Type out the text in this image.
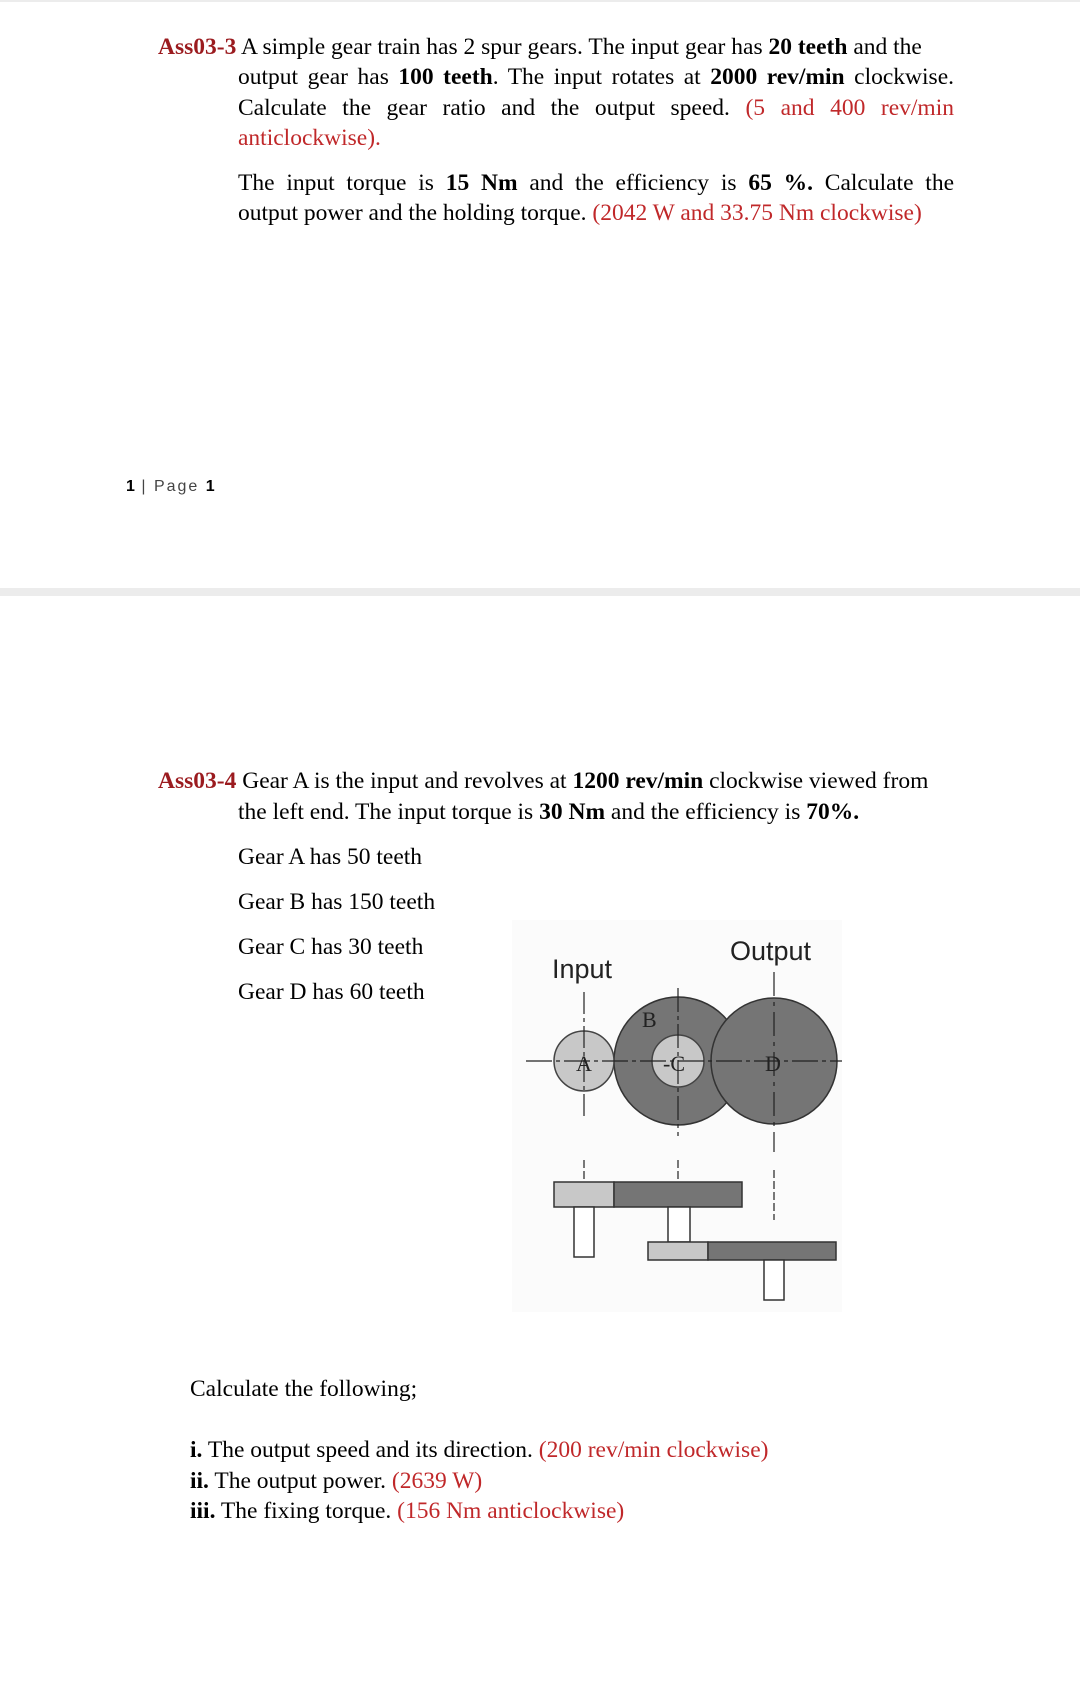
Ass03-3 A simple gear train has 2 spur gears. The input gear has 20 teeth and the
output gear has 100 teeth. The input rotates at 2000 rev/min clockwise.
Calculate the gear ratio and the output speed. (5 and 400 rev/min
anticlockwise).
The input torque is 15 Nm and the efficiency is 65 %. Calculate the
output power and the holding torque. (2042 W and 33.75 Nm clockwise)
1 | Page 1
Ass03-4 Gear A is the input and revolves at 1200 rev/min clockwise viewed from
the left end. The input torque is 30 Nm and the efficiency is 70%.
Gear A has 50 teeth
Gear B has 150 teeth
Gear C has 30 teeth
Gear D has 60 teeth
Input
Output
A
B
-C	D
Calculate the following;
i. The output speed and its direction. (200 rev/min clockwise)
ii. The output power. (2639 W)
iii. The fixing torque. (156 Nm anticlockwise)
